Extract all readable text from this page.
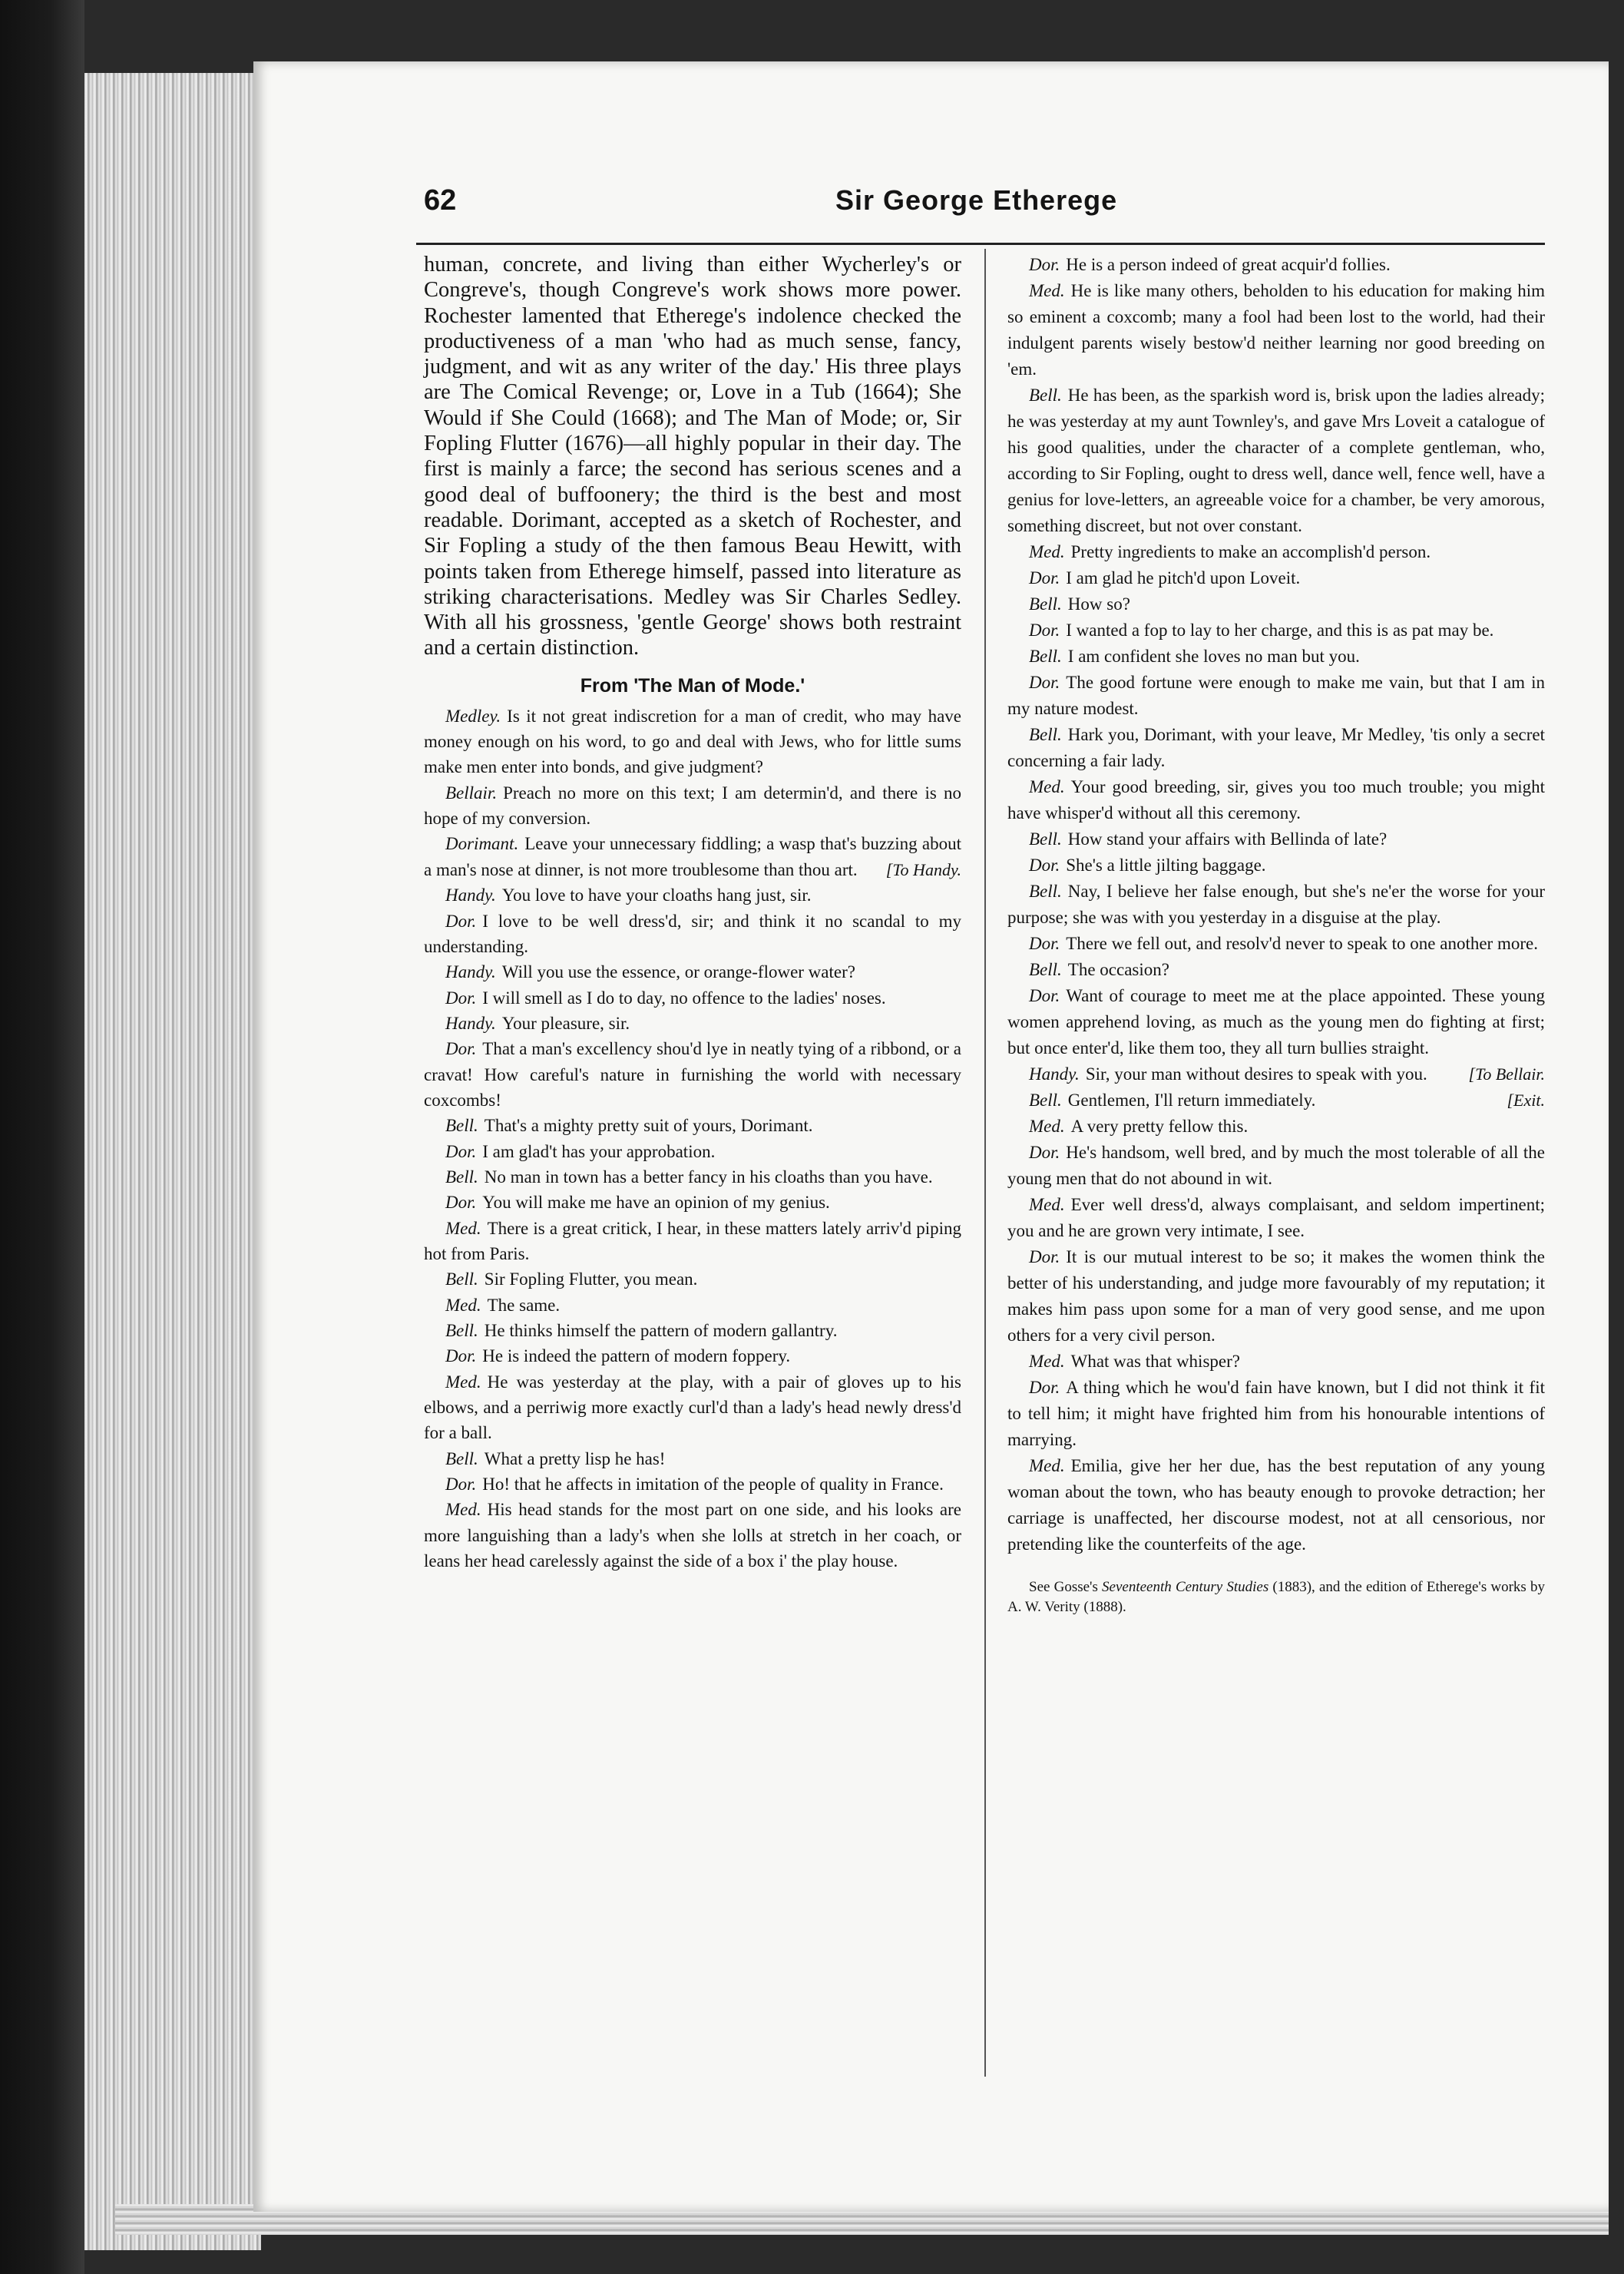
62	Sir George Etherege

human, concrete, and living than either Wycherley's or Congreve's, though Congreve's work shows more power. Rochester lamented that Etherege's indolence checked the productiveness of a man 'who had as much sense, fancy, judgment, and wit as any writer of the day.' His three plays are The Comical Revenge; or, Love in a Tub (1664); She Would if She Could (1668); and The Man of Mode; or, Sir Fopling Flutter (1676)—all highly popular in their day. The first is mainly a farce; the second has serious scenes and a good deal of buffoonery; the third is the best and most readable. Dorimant, accepted as a sketch of Rochester, and Sir Fopling a study of the then famous Beau Hewitt, with points taken from Etherege himself, passed into literature as striking characterisations. Medley was Sir Charles Sedley. With all his grossness, 'gentle George' shows both restraint and a certain distinction.

From 'The Man of Mode.'

Medley. Is it not great indiscretion for a man of credit, who may have money enough on his word, to go and deal with Jews, who for little sums make men enter into bonds, and give judgment?

Bellair. Preach no more on this text; I am determin'd, and there is no hope of my conversion.

Dorimant. Leave your unnecessary fiddling; a wasp that's buzzing about a man's nose at dinner, is not more troublesome than thou art. [To Handy.

Handy. You love to have your cloaths hang just, sir.

Dor. I love to be well dress'd, sir; and think it no scandal to my understanding.

Handy. Will you use the essence, or orange-flower water?

Dor. I will smell as I do to day, no offence to the ladies' noses.

Handy. Your pleasure, sir.

Dor. That a man's excellency shou'd lye in neatly tying of a ribbond, or a cravat! How careful's nature in furnishing the world with necessary coxcombs!

Bell. That's a mighty pretty suit of yours, Dorimant.

Dor. I am glad't has your approbation.

Bell. No man in town has a better fancy in his cloaths than you have.

Dor. You will make me have an opinion of my genius.

Med. There is a great critick, I hear, in these matters lately arriv'd piping hot from Paris.

Bell. Sir Fopling Flutter, you mean.

Med. The same.

Bell. He thinks himself the pattern of modern gallantry.

Dor. He is indeed the pattern of modern foppery.

Med. He was yesterday at the play, with a pair of gloves up to his elbows, and a perriwig more exactly curl'd than a lady's head newly dress'd for a ball.

Bell. What a pretty lisp he has!

Dor. Ho! that he affects in imitation of the people of quality in France.

Med. His head stands for the most part on one side, and his looks are more languishing than a lady's when she lolls at stretch in her coach, or leans her head carelessly against the side of a box i' the play house.

Dor. He is a person indeed of great acquir'd follies.

Med. He is like many others, beholden to his education for making him so eminent a coxcomb; many a fool had been lost to the world, had their indulgent parents wisely bestow'd neither learning nor good breeding on 'em.

Bell. He has been, as the sparkish word is, brisk upon the ladies already; he was yesterday at my aunt Townley's, and gave Mrs Loveit a catalogue of his good qualities, under the character of a complete gentleman, who, according to Sir Fopling, ought to dress well, dance well, fence well, have a genius for love-letters, an agreeable voice for a chamber, be very amorous, something discreet, but not over constant.

Med. Pretty ingredients to make an accomplish'd person.

Dor. I am glad he pitch'd upon Loveit.

Bell. How so?

Dor. I wanted a fop to lay to her charge, and this is as pat may be.

Bell. I am confident she loves no man but you.

Dor. The good fortune were enough to make me vain, but that I am in my nature modest.

Bell. Hark you, Dorimant, with your leave, Mr Medley, 'tis only a secret concerning a fair lady.

Med. Your good breeding, sir, gives you too much trouble; you might have whisper'd without all this ceremony.

Bell. How stand your affairs with Bellinda of late?

Dor. She's a little jilting baggage.

Bell. Nay, I believe her false enough, but she's ne'er the worse for your purpose; she was with you yesterday in a disguise at the play.

Dor. There we fell out, and resolv'd never to speak to one another more.

Bell. The occasion?

Dor. Want of courage to meet me at the place appointed. These young women apprehend loving, as much as the young men do fighting at first; but once enter'd, like them too, they all turn bullies straight.

Handy. Sir, your man without desires to speak with you. [To Bellair.

Bell. Gentlemen, I'll return immediately.	[Exit.

Med. A very pretty fellow this.

Dor. He's handsom, well bred, and by much the most tolerable of all the young men that do not abound in wit.

Med. Ever well dress'd, always complaisant, and seldom impertinent; you and he are grown very intimate, I see.

Dor. It is our mutual interest to be so; it makes the women think the better of his understanding, and judge more favourably of my reputation; it makes him pass upon some for a man of very good sense, and me upon others for a very civil person.

Med. What was that whisper?

Dor. A thing which he wou'd fain have known, but I did not think it fit to tell him; it might have frighted him from his honourable intentions of marrying.

Med. Emilia, give her her due, has the best reputation of any young woman about the town, who has beauty enough to provoke detraction; her carriage is unaffected, her discourse modest, not at all censorious, nor pretending like the counterfeits of the age.

See Gosse's Seventeenth Century Studies (1883), and the edition of Etherege's works by A. W. Verity (1888).
